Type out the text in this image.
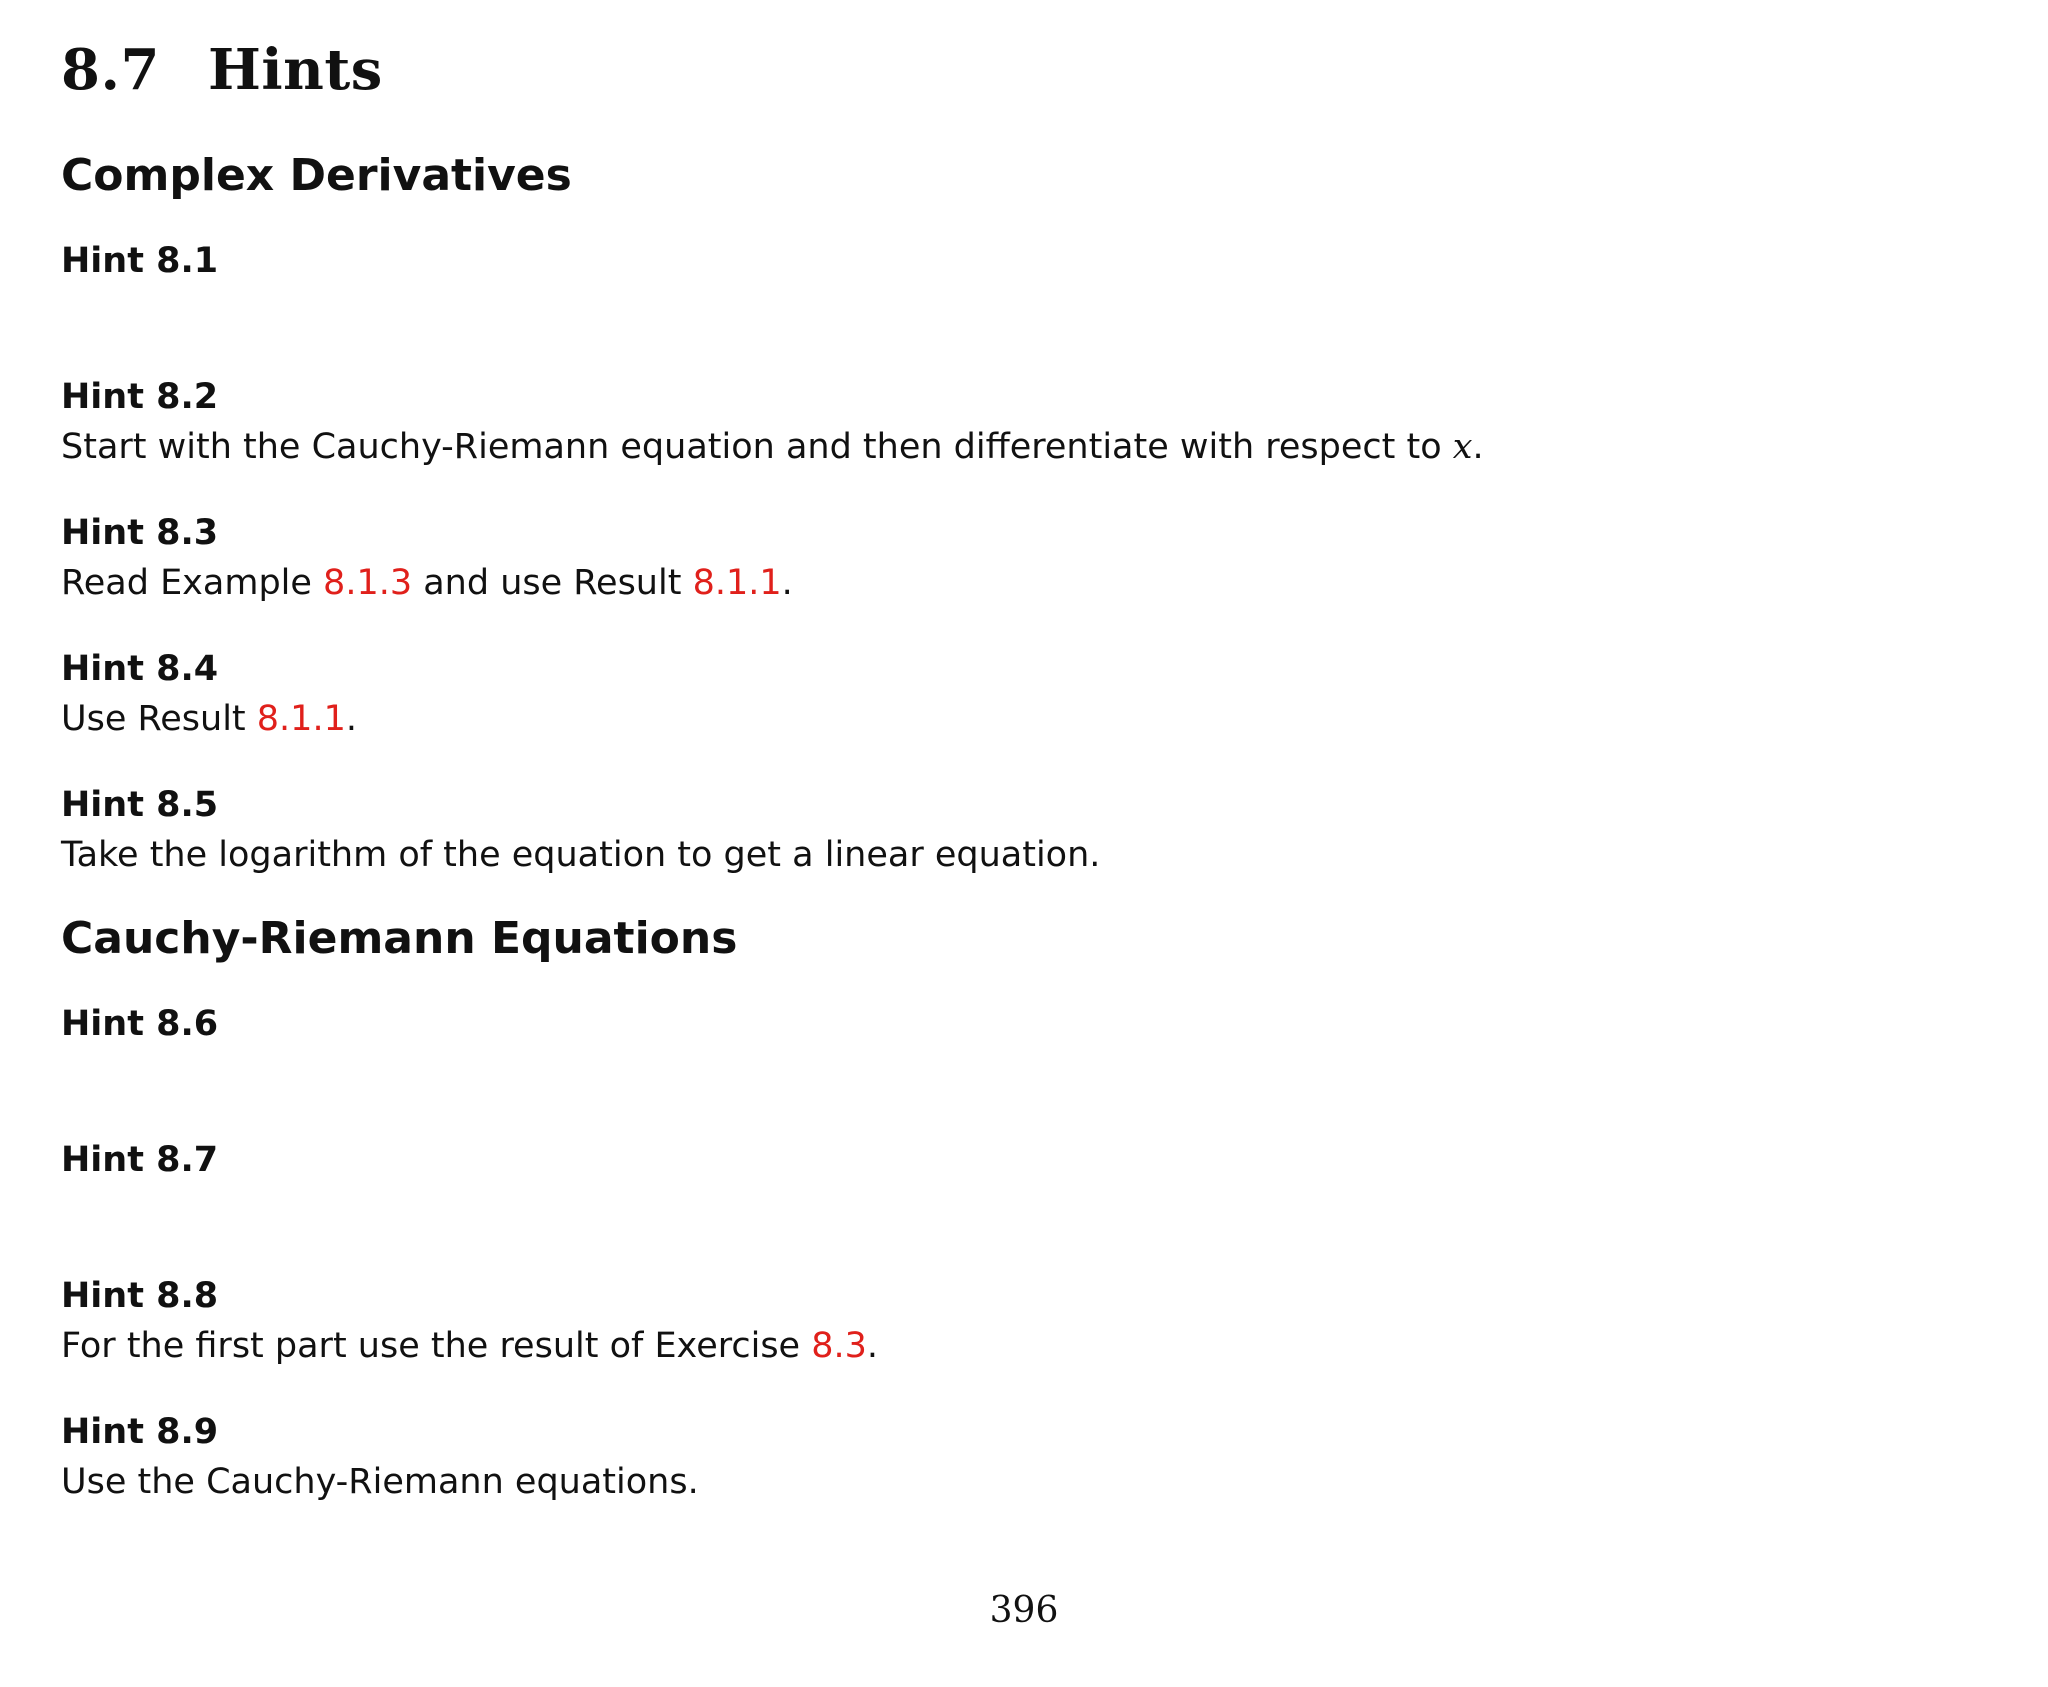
8.7 Hints
Complex Derivatives

Hint 8.1

Hint 8.2

Start with the Cauchy-Riemann equation and then differentiate with respect to x.

Hint 8.3

Read Example 8.1.3 and use Result 8.1.1.

Hint 8.4

Use Result 8.1.1.

Hint 8.5

Take the logarithm of the equation to get a linear equation.

Cauchy-Riemann Equations

Hint 8.6

Hint 8.7

Hint 8.8

For the first part use the result of Exercise 8.3.

Hint 8.9

Use the Cauchy-Riemann equations.

396
